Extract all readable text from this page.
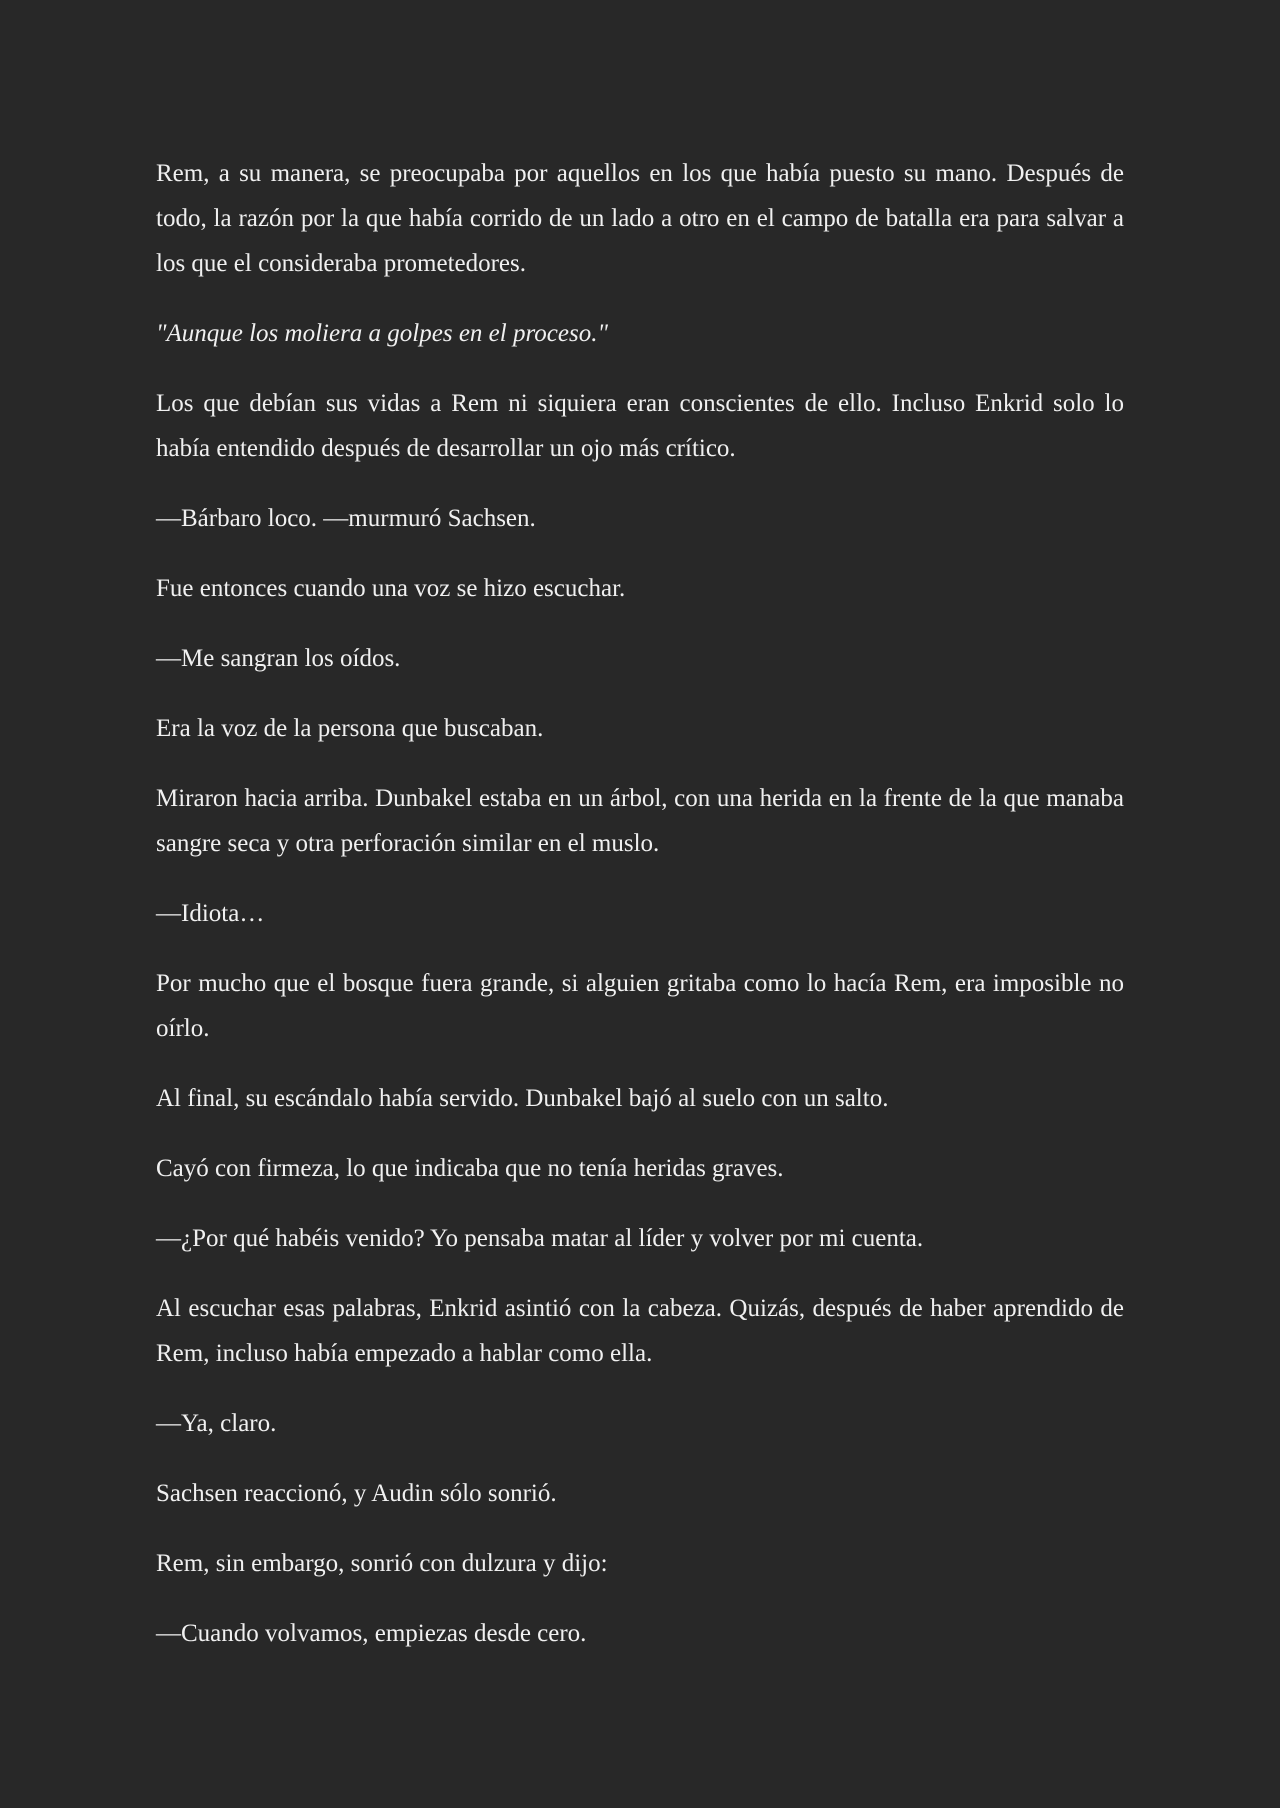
Rem, a su manera, se preocupaba por aquellos en los que había puesto su mano. Después de todo, la razón por la que había corrido de un lado a otro en el campo de batalla era para salvar a los que el consideraba prometedores.

"Aunque los moliera a golpes en el proceso."

Los que debían sus vidas a Rem ni siquiera eran conscientes de ello. Incluso Enkrid solo lo había entendido después de desarrollar un ojo más crítico.

—Bárbaro loco. —murmuró Sachsen.

Fue entonces cuando una voz se hizo escuchar.

—Me sangran los oídos.

Era la voz de la persona que buscaban.

Miraron hacia arriba. Dunbakel estaba en un árbol, con una herida en la frente de la que manaba sangre seca y otra perforación similar en el muslo.

—Idiota…

Por mucho que el bosque fuera grande, si alguien gritaba como lo hacía Rem, era imposible no oírlo.

Al final, su escándalo había servido. Dunbakel bajó al suelo con un salto.

Cayó con firmeza, lo que indicaba que no tenía heridas graves.

—¿Por qué habéis venido? Yo pensaba matar al líder y volver por mi cuenta.

Al escuchar esas palabras, Enkrid asintió con la cabeza. Quizás, después de haber aprendido de Rem, incluso había empezado a hablar como ella.

—Ya, claro.

Sachsen reaccionó, y Audin sólo sonrió.

Rem, sin embargo, sonrió con dulzura y dijo:

—Cuando volvamos, empiezas desde cero.
